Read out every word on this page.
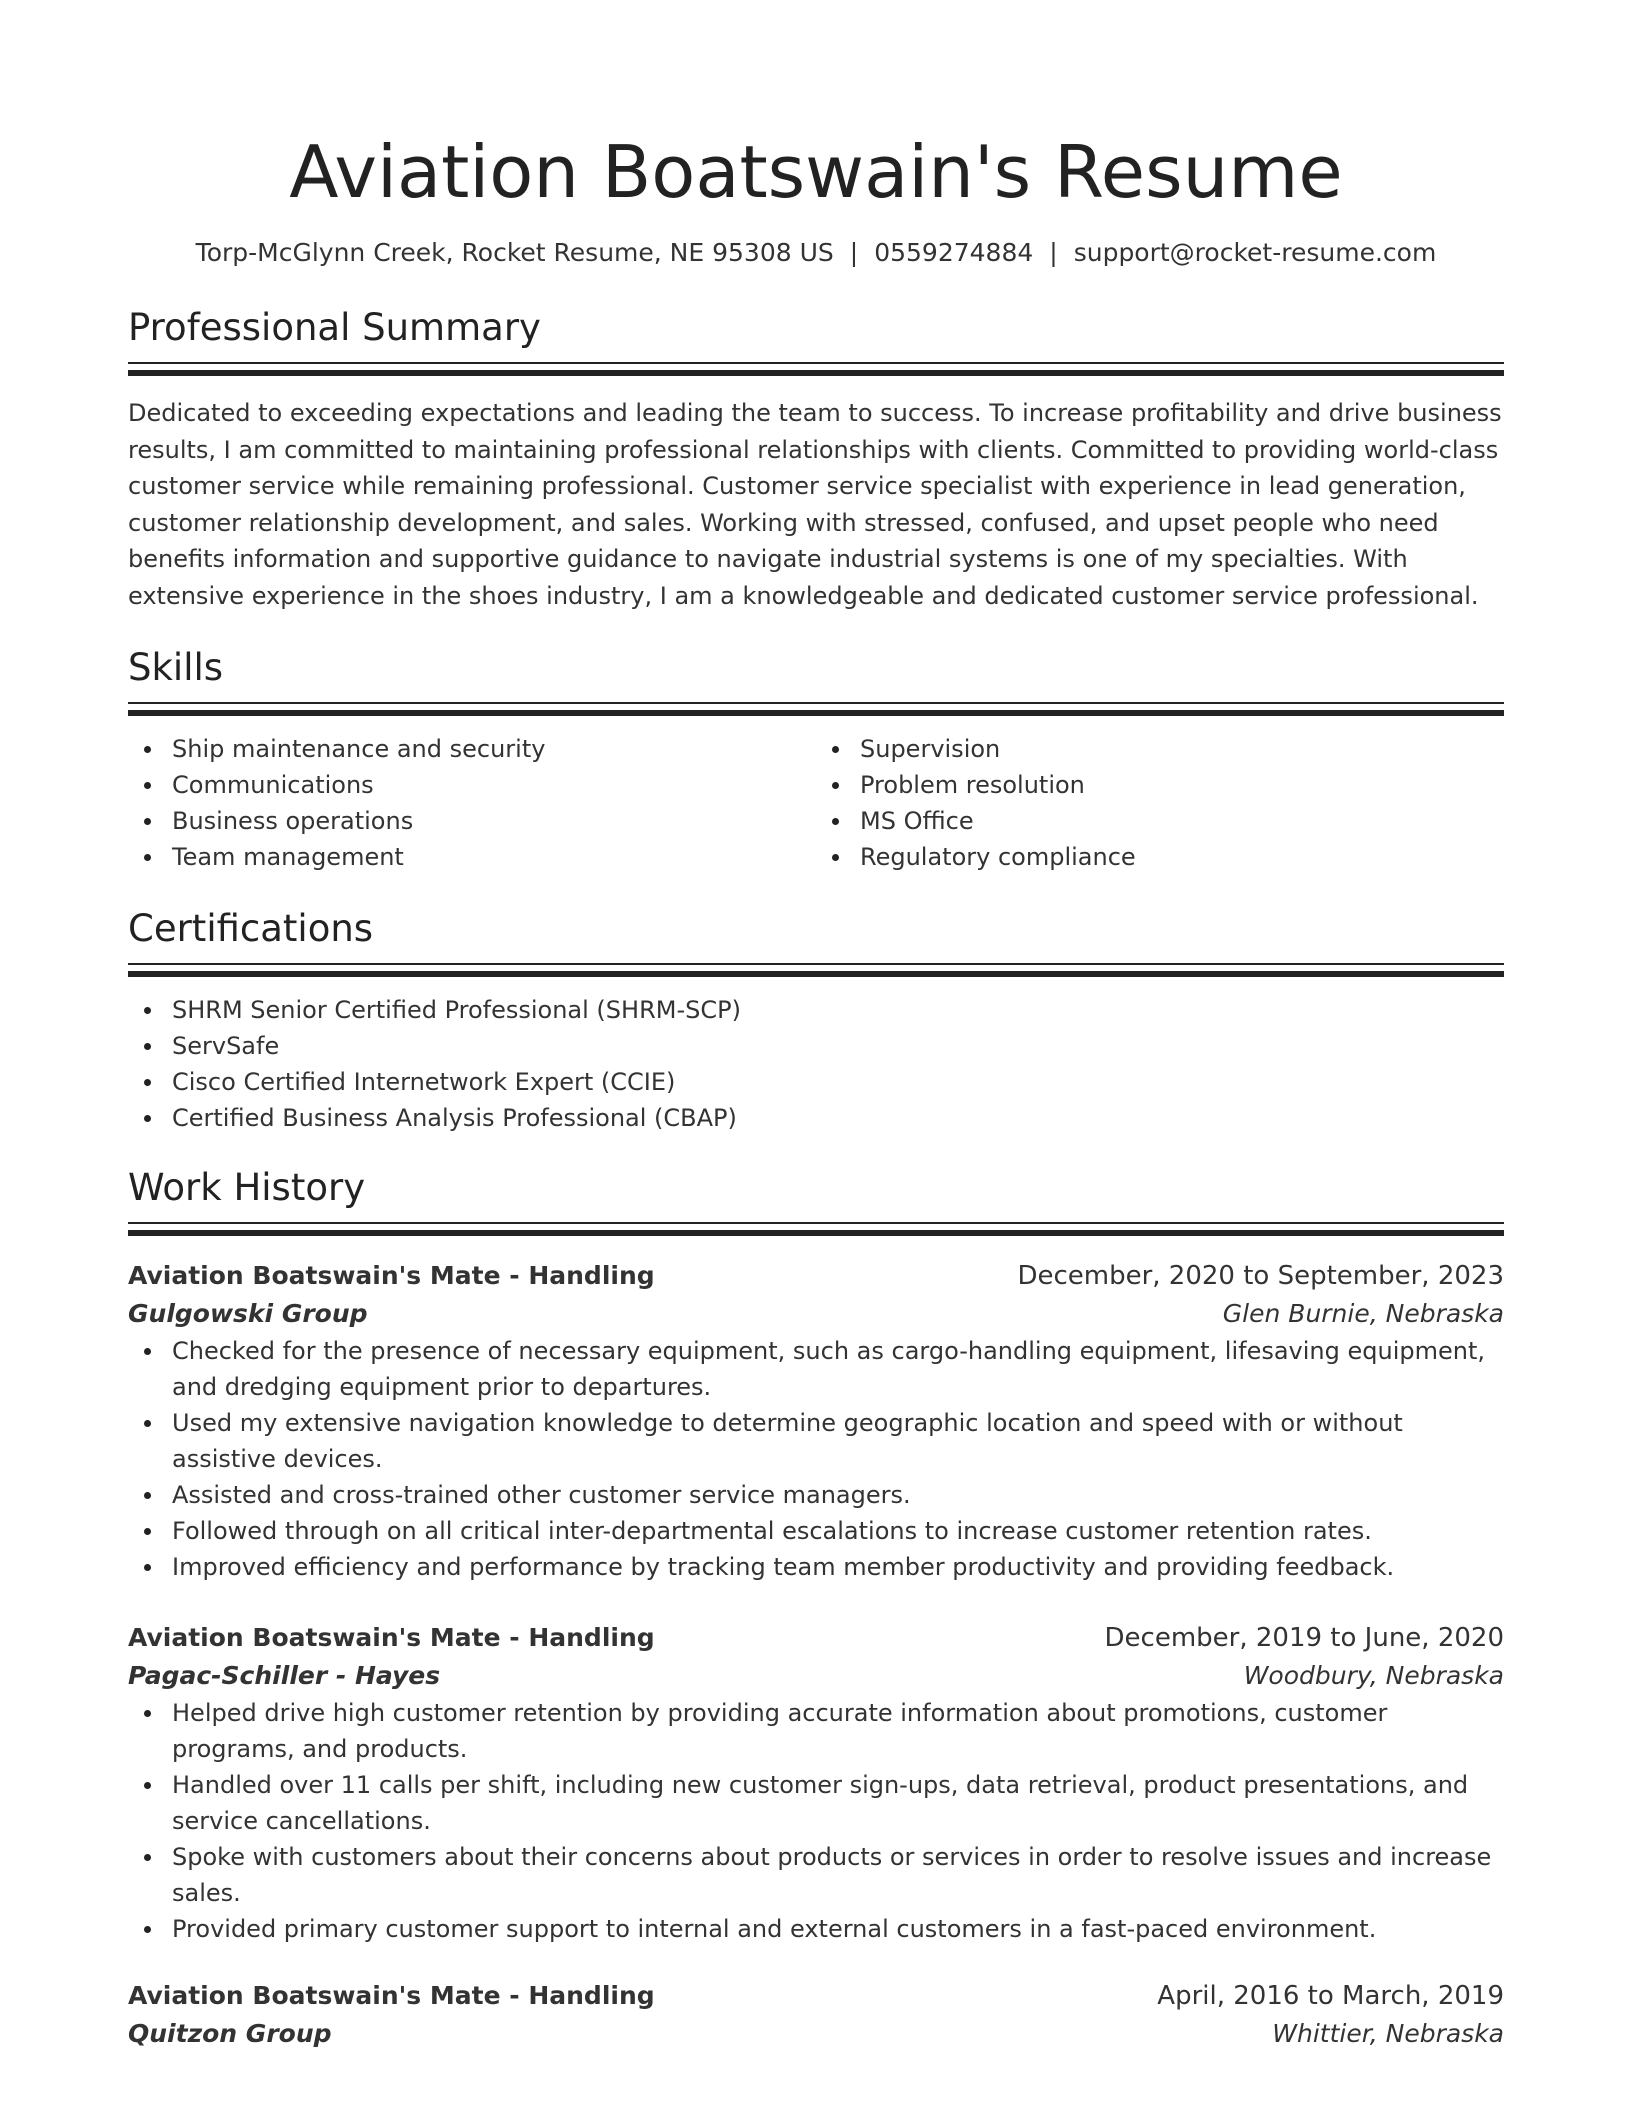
Aviation Boatswain's Resume
Torp-McGlynn Creek, Rocket Resume, NE 95308 US | 0559274884 | support@rocket-resume.com
Professional Summary

Dedicated to exceeding expectations and leading the team to success. To increase profitability and drive business results, I am committed to maintaining professional relationships with clients. Committed to providing world-class customer service while remaining professional. Customer service specialist with experience in lead generation, customer relationship development, and sales. Working with stressed, confused, and upset people who need benefits information and supportive guidance to navigate industrial systems is one of my specialties. With extensive experience in the shoes industry, I am a knowledgeable and dedicated customer service professional.

Skills
Ship maintenance and security
Communications
Business operations
Team management
Supervision
Problem resolution
MS Office
Regulatory compliance
Certifications
SHRM Senior Certified Professional (SHRM-SCP)
ServSafe
Cisco Certified Internetwork Expert (CCIE)
Certified Business Analysis Professional (CBAP)
Work History
Aviation Boatswain's Mate - Handling	December, 2020 to September, 2023
Gulgowski Group	Glen Burnie, Nebraska
Checked for the presence of necessary equipment, such as cargo-handling equipment, lifesaving equipment, and dredging equipment prior to departures.
Used my extensive navigation knowledge to determine geographic location and speed with or without assistive devices.
Assisted and cross-trained other customer service managers.
Followed through on all critical inter-departmental escalations to increase customer retention rates.
Improved efficiency and performance by tracking team member productivity and providing feedback.
Aviation Boatswain's Mate - Handling	December, 2019 to June, 2020
Pagac-Schiller - Hayes	Woodbury, Nebraska
Helped drive high customer retention by providing accurate information about promotions, customer programs, and products.
Handled over 11 calls per shift, including new customer sign-ups, data retrieval, product presentations, and service cancellations.
Spoke with customers about their concerns about products or services in order to resolve issues and increase sales.
Provided primary customer support to internal and external customers in a fast-paced environment.
Aviation Boatswain's Mate - Handling	April, 2016 to March, 2019
Quitzon Group	Whittier, Nebraska
